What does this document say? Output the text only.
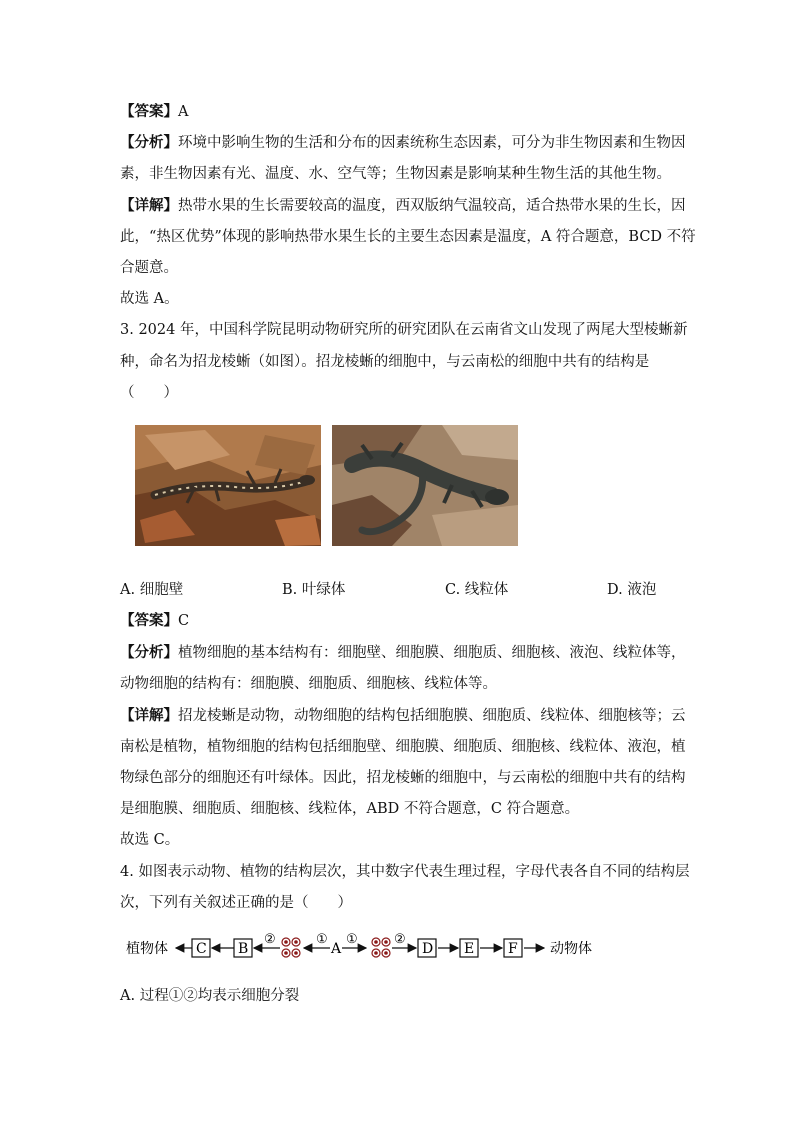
【答案】A
【分析】环境中影响生物的生活和分布的因素统称生态因素，可分为非生物因素和生物因
素，非生物因素有光、温度、水、空气等；生物因素是影响某种生物生活的其他生物。
【详解】热带水果的生长需要较高的温度，西双版纳气温较高，适合热带水果的生长，因
此，“热区优势”体现的影响热带水果生长的主要生态因素是温度，A 符合题意，BCD 不符
合题意。
故选 A。
3. 2024 年，中国科学院昆明动物研究所的研究团队在云南省文山发现了两尾大型棱蜥新
种，命名为招龙棱蜥（如图）。招龙棱蜥的细胞中，与云南松的细胞中共有的结构是
（　　）
A. 细胞壁	B. 叶绿体	C. 线粒体	D. 液泡
【答案】C
【分析】植物细胞的基本结构有：细胞壁、细胞膜、细胞质、细胞核、液泡、线粒体等，
动物细胞的结构有：细胞膜、细胞质、细胞核、线粒体等。
【详解】招龙棱蜥是动物，动物细胞的结构包括细胞膜、细胞质、线粒体、细胞核等；云
南松是植物，植物细胞的结构包括细胞壁、细胞膜、细胞质、细胞核、线粒体、液泡，植
物绿色部分的细胞还有叶绿体。因此，招龙棱蜥的细胞中，与云南松的细胞中共有的结构
是细胞膜、细胞质、细胞核、线粒体，ABD 不符合题意，C 符合题意。
故选 C。
4. 如图表示动物、植物的结构层次，其中数字代表生理过程，字母代表各自不同的结构层
次，下列有关叙述正确的是（　　）
植物体 C B
②	①
A
①	②
D E F 动物体
A. 过程①②均表示细胞分裂
